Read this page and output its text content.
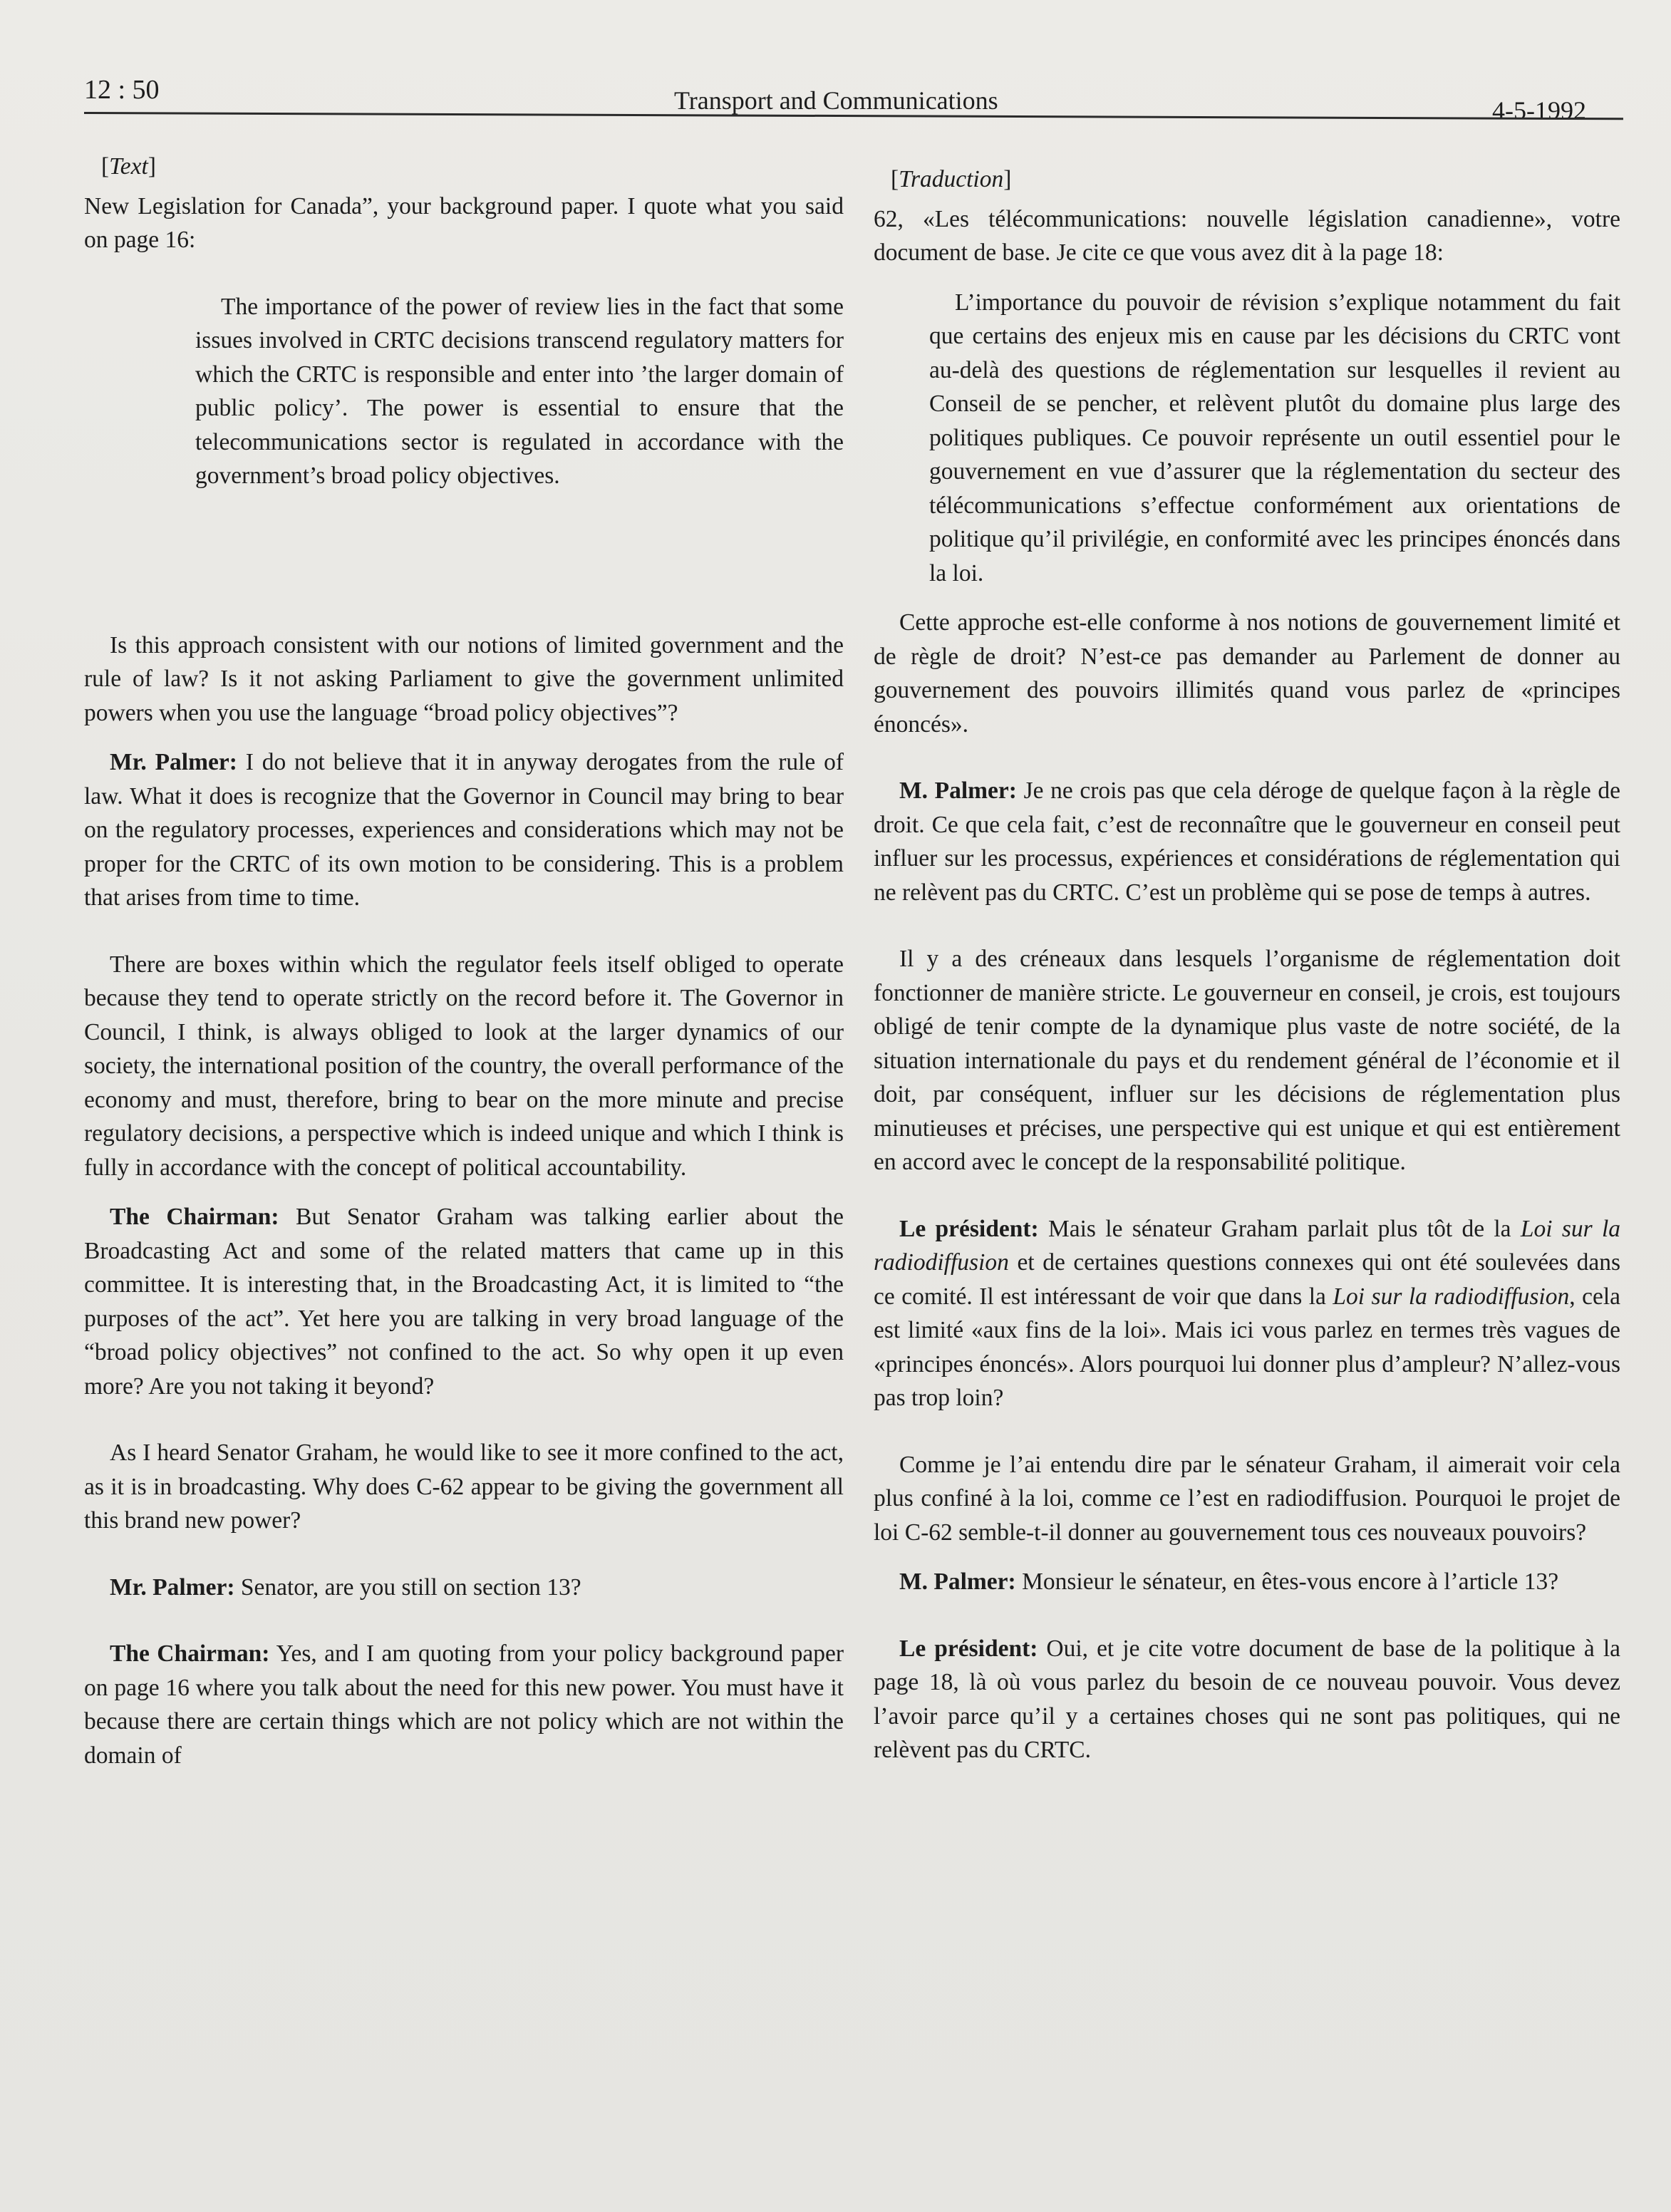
12 : 50	Transport and Communications	4-5-1992
[Text]

New Legislation for Canada”, your background paper. I quote what you said on page 16:

The importance of the power of review lies in the fact that some issues involved in CRTC decisions transcend regulatory matters for which the CRTC is responsible and enter into ’the larger domain of public policy’. The power is essential to ensure that the telecommunications sector is regulated in accordance with the government’s broad policy objectives.

Is this approach consistent with our notions of limited government and the rule of law? Is it not asking Parliament to give the government unlimited powers when you use the language “broad policy objectives”?

Mr. Palmer: I do not believe that it in anyway derogates from the rule of law. What it does is recognize that the Governor in Council may bring to bear on the regulatory processes, experiences and considerations which may not be proper for the CRTC of its own motion to be considering. This is a problem that arises from time to time.

There are boxes within which the regulator feels itself obliged to operate because they tend to operate strictly on the record before it. The Governor in Council, I think, is always obliged to look at the larger dynamics of our society, the international position of the country, the overall performance of the economy and must, therefore, bring to bear on the more minute and precise regulatory decisions, a perspective which is indeed unique and which I think is fully in accordance with the concept of political accountability.

The Chairman: But Senator Graham was talking earlier about the Broadcasting Act and some of the related matters that came up in this committee. It is interesting that, in the Broadcasting Act, it is limited to “the purposes of the act”. Yet here you are talking in very broad language of the “broad policy objectives” not confined to the act. So why open it up even more? Are you not taking it beyond?

As I heard Senator Graham, he would like to see it more confined to the act, as it is in broadcasting. Why does C-62 appear to be giving the government all this brand new power?

Mr. Palmer: Senator, are you still on section 13?

The Chairman: Yes, and I am quoting from your policy background paper on page 16 where you talk about the need for this new power. You must have it because there are certain things which are not policy which are not within the domain of

[Traduction]

62, «Les télécommunications: nouvelle législation canadienne», votre document de base. Je cite ce que vous avez dit à la page 18:

L’importance du pouvoir de révision s’explique notamment du fait que certains des enjeux mis en cause par les décisions du CRTC vont au-delà des questions de réglementation sur lesquelles il revient au Conseil de se pencher, et relèvent plutôt du domaine plus large des politiques publiques. Ce pouvoir représente un outil essentiel pour le gouvernement en vue d’assurer que la réglementation du secteur des télécommunications s’effectue conformément aux orientations de politique qu’il privilégie, en conformité avec les principes énoncés dans la loi.

Cette approche est-elle conforme à nos notions de gouvernement limité et de règle de droit? N’est-ce pas demander au Parlement de donner au gouvernement des pouvoirs illimités quand vous parlez de «principes énoncés».

M. Palmer: Je ne crois pas que cela déroge de quelque façon à la règle de droit. Ce que cela fait, c’est de reconnaître que le gouverneur en conseil peut influer sur les processus, expériences et considérations de réglementation qui ne relèvent pas du CRTC. C’est un problème qui se pose de temps à autres.

Il y a des créneaux dans lesquels l’organisme de réglementation doit fonctionner de manière stricte. Le gouverneur en conseil, je crois, est toujours obligé de tenir compte de la dynamique plus vaste de notre société, de la situation internationale du pays et du rendement général de l’économie et il doit, par conséquent, influer sur les décisions de réglementation plus minutieuses et précises, une perspective qui est unique et qui est entièrement en accord avec le concept de la responsabilité politique.

Le président: Mais le sénateur Graham parlait plus tôt de la Loi sur la radiodiffusion et de certaines questions connexes qui ont été soulevées dans ce comité. Il est intéressant de voir que dans la Loi sur la radiodiffusion, cela est limité «aux fins de la loi». Mais ici vous parlez en termes très vagues de «principes énoncés». Alors pourquoi lui donner plus d’ampleur? N’allez-vous pas trop loin?

Comme je l’ai entendu dire par le sénateur Graham, il aimerait voir cela plus confiné à la loi, comme ce l’est en radiodiffusion. Pourquoi le projet de loi C-62 semble-t-il donner au gouvernement tous ces nouveaux pouvoirs?

M. Palmer: Monsieur le sénateur, en êtes-vous encore à l’article 13?

Le président: Oui, et je cite votre document de base de la politique à la page 18, là où vous parlez du besoin de ce nouveau pouvoir. Vous devez l’avoir parce qu’il y a certaines choses qui ne sont pas politiques, qui ne relèvent pas du CRTC.
